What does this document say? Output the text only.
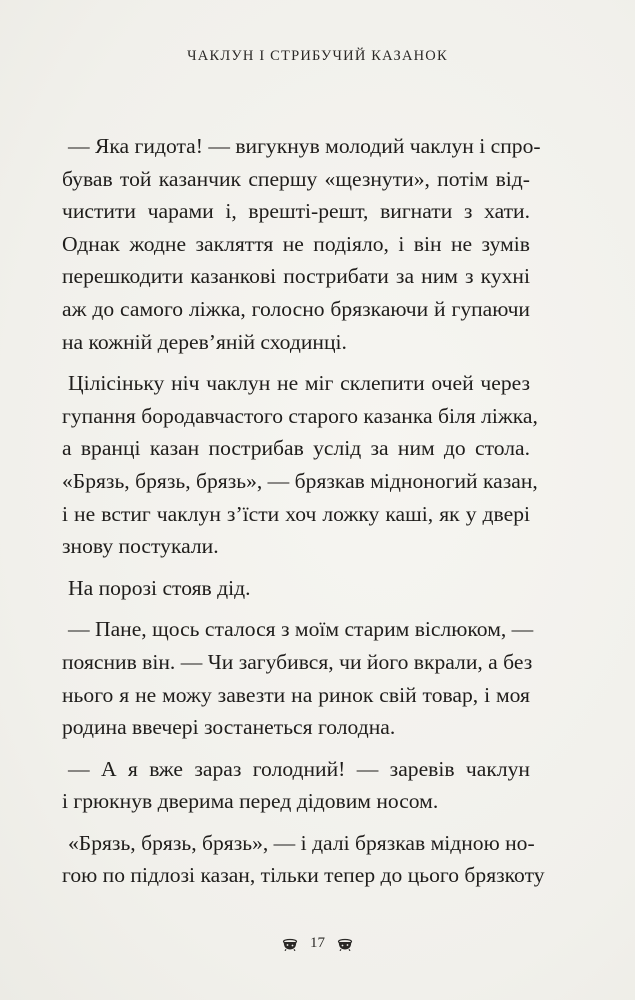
ЧАКЛУН І СТРИБУЧИЙ КАЗАНОК

— Яка гидота! — вигукнув молодий чаклун і спро-
бував той казанчик спершу «щезнути», потім від-
чистити чарами і, врешті-решт, вигнати з хати.
Однак жодне закляття не подіяло, і він не зумів
перешкодити казанкові пострибати за ним з кухні
аж до самого ліжка, голосно брязкаючи й гупаючи
на кожній дерев’яній сходинці.

Цілісіньку ніч чаклун не міг склепити очей через
гупання бородавчастого старого казанка біля ліжка,
а вранці казан пострибав услід за ним до стола.
«Брязь, брязь, брязь», — брязкав мідноногий казан,
і не встиг чаклун з’їсти хоч ложку каші, як у двері
знову постукали.

На порозі стояв дід.

— Пане, щось сталося з моїм старим віслюком, —
пояснив він. — Чи загубився, чи його вкрали, а без
нього я не можу завезти на ринок свій товар, і моя
родина ввечері зостанеться голодна.

— А я вже зараз голодний! — заревів чаклун
і грюкнув дверима перед дідовим носом.

«Брязь, брязь, брязь», — і далі брязкав мідною но-
гою по підлозі казан, тільки тепер до цього брязкоту

17
